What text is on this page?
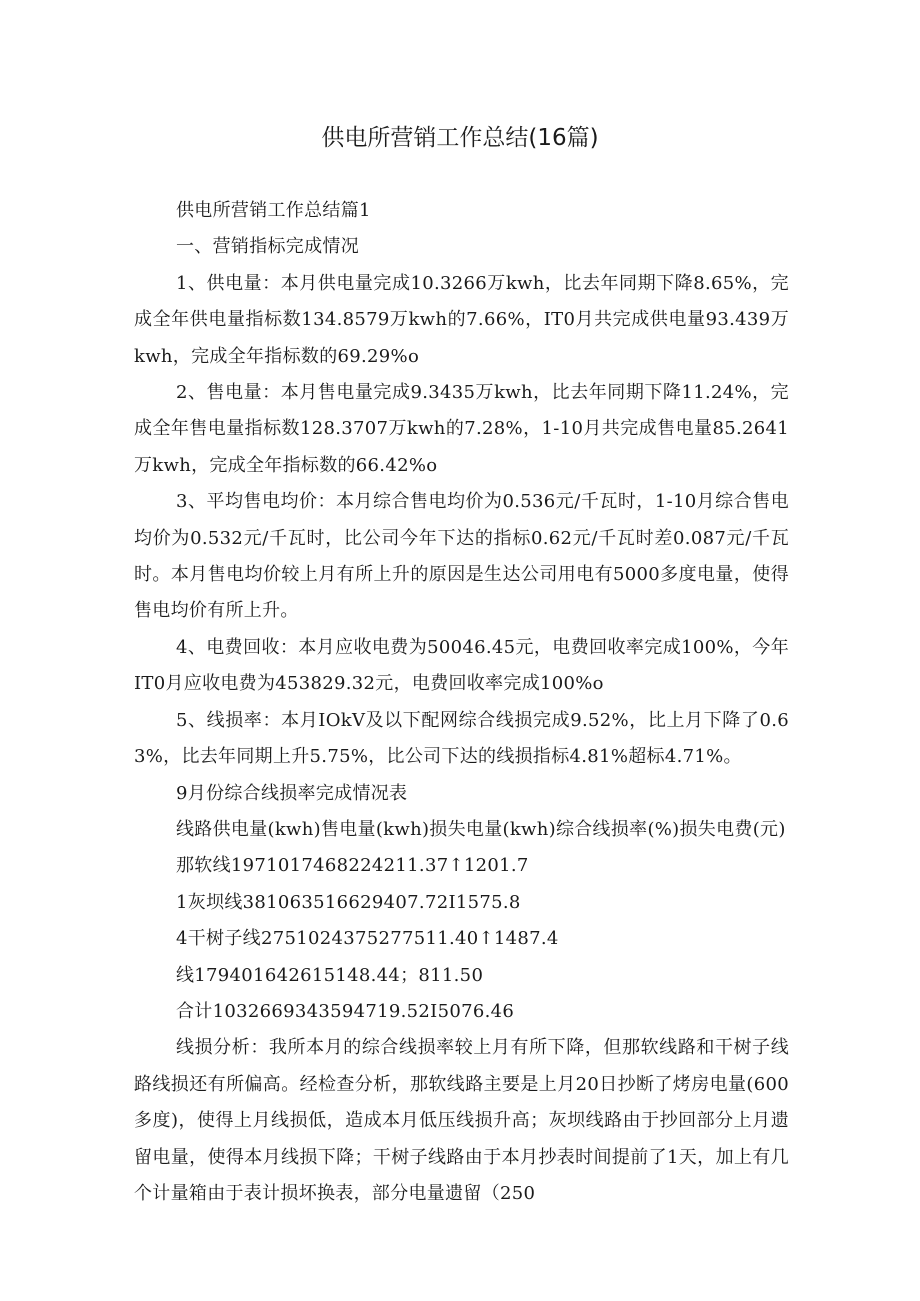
供电所营销工作总结(16篇)

供电所营销工作总结篇1

一、营销指标完成情况

1、供电量：本月供电量完成10.3266万kwh，比去年同期下降8.65%，完成全年供电量指标数134.8579万kwh的7.66%，IT0月共完成供电量93.439万kwh，完成全年指标数的69.29%o

2、售电量：本月售电量完成9.3435万kwh，比去年同期下降11.24%，完成全年售电量指标数128.3707万kwh的7.28%，1-10月共完成售电量85.2641万kwh，完成全年指标数的66.42%o

3、平均售电均价：本月综合售电均价为0.536元/千瓦时，1-10月综合售电均价为0.532元/千瓦时，比公司今年下达的指标0.62元/千瓦时差0.087元/千瓦时。本月售电均价较上月有所上升的原因是生达公司用电有5000多度电量，使得售电均价有所上升。

4、电费回收：本月应收电费为50046.45元，电费回收率完成100%，今年IT0月应收电费为453829.32元，电费回收率完成100%o

5、线损率：本月IOkV及以下配网综合线损完成9.52%，比上月下降了0.63%，比去年同期上升5.75%，比公司下达的线损指标4.81%超标4.71%。

9月份综合线损率完成情况表

线路供电量(kwh)售电量(kwh)损失电量(kwh)综合线损率(%)损失电费(元)

那软线1971017468224211.37↑1201.7

1灰坝线381063516629407.72I1575.8

4干树子线2751024375277511.40↑1487.4

线179401642615148.44；811.50

合计1032669343594719.52I5076.46

线损分析：我所本月的综合线损率较上月有所下降，但那软线路和干树子线路线损还有所偏高。经检查分析，那软线路主要是上月20日抄断了烤房电量(600多度)，使得上月线损低，造成本月低压线损升高；灰坝线路由于抄回部分上月遗留电量，使得本月线损下降；干树子线路由于本月抄表时间提前了1天，加上有几个计量箱由于表计损坏换表，部分电量遗留（250
